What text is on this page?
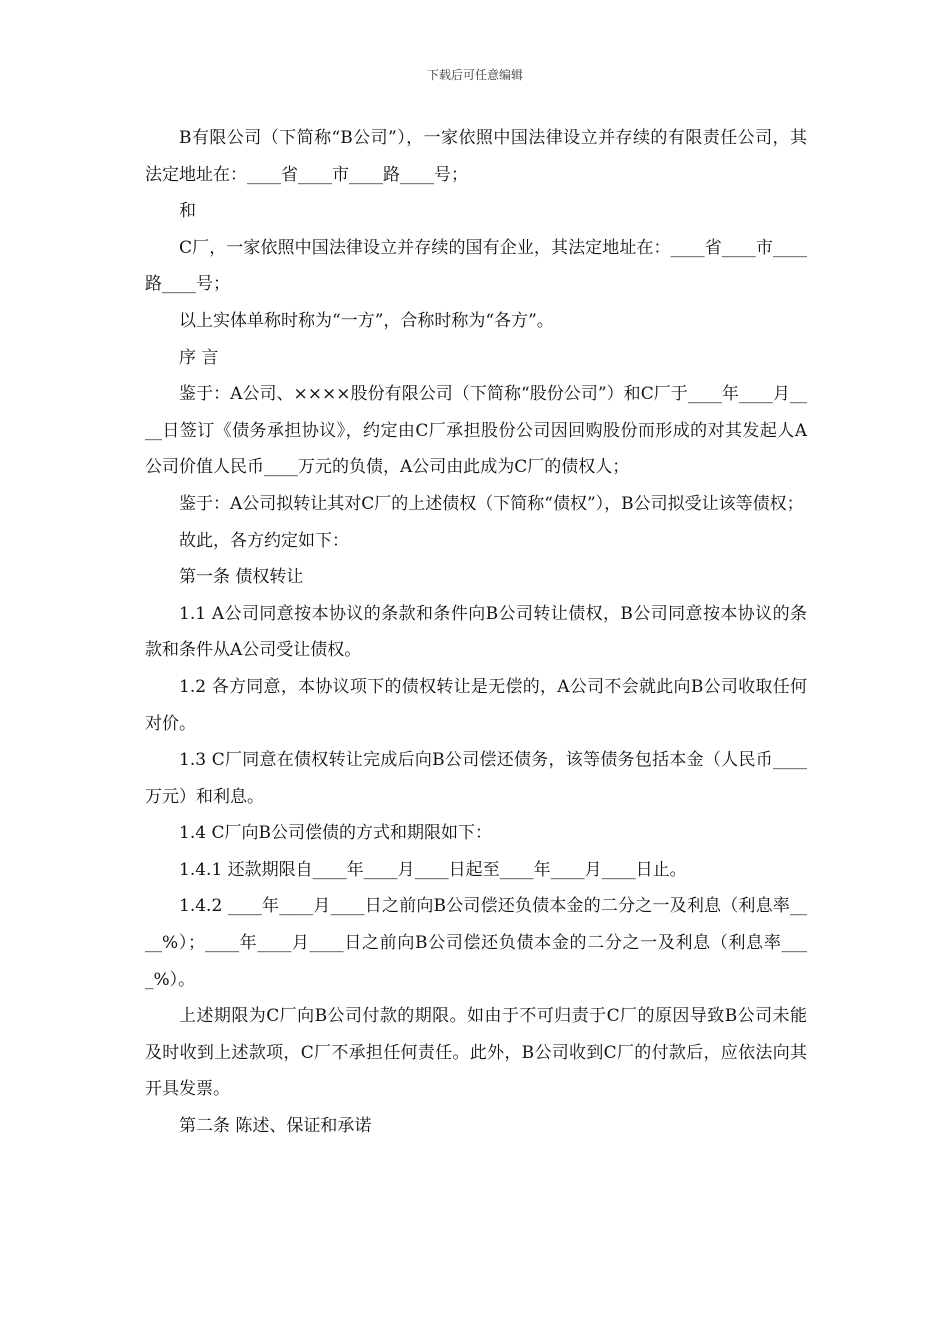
下载后可任意编辑

B有限公司（下简称“B公司”），一家依照中国法律设立并存续的有限责任公司，其法定地址在：____省____市____路____号；

和

C厂，一家依照中国法律设立并存续的国有企业，其法定地址在：____省____市____路____号；

以上实体单称时称为“一方”，合称时称为“各方”。

序 言

鉴于：A公司、××××股份有限公司（下简称“股份公司”）和C厂于____年____月____日签订《债务承担协议》，约定由C厂承担股份公司因回购股份而形成的对其发起人A公司价值人民币____万元的负债，A公司由此成为C厂的债权人；

鉴于：A公司拟转让其对C厂的上述债权（下简称“债权”），B公司拟受让该等债权；

故此，各方约定如下：

第一条 债权转让

1.1 A公司同意按本协议的条款和条件向B公司转让债权，B公司同意按本协议的条款和条件从A公司受让债权。

1.2 各方同意，本协议项下的债权转让是无偿的，A公司不会就此向B公司收取任何对价。

1.3 C厂同意在债权转让完成后向B公司偿还债务，该等债务包括本金（人民币____万元）和利息。

1.4 C厂向B公司偿债的方式和期限如下：

1.4.1 还款期限自____年____月____日起至____年____月____日止。

1.4.2 ____年____月____日之前向B公司偿还负债本金的二分之一及利息（利息率____%）；____年____月____日之前向B公司偿还负债本金的二分之一及利息（利息率____%）。

上述期限为C厂向B公司付款的期限。如由于不可归责于C厂的原因导致B公司未能及时收到上述款项，C厂不承担任何责任。此外，B公司收到C厂的付款后，应依法向其开具发票。

第二条 陈述、保证和承诺
